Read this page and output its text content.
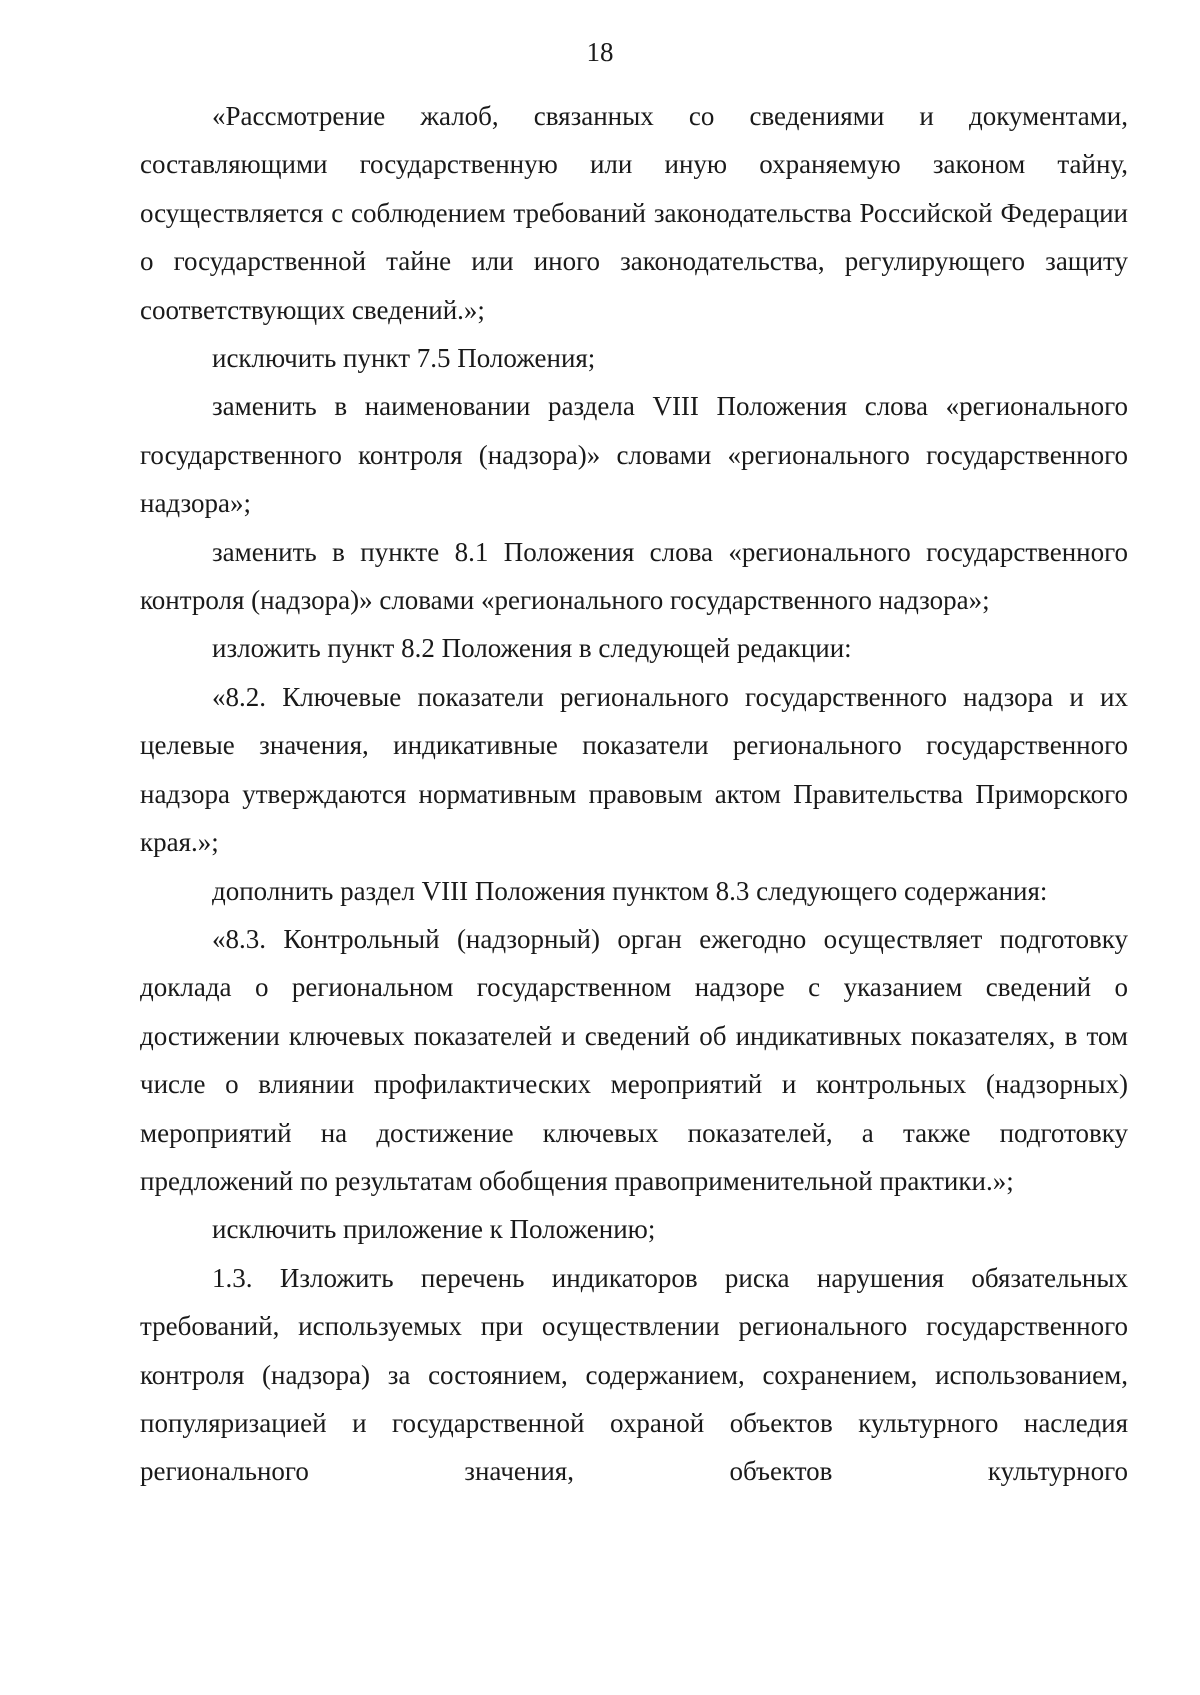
18

«Рассмотрение жалоб, связанных со сведениями и документами, составляющими государственную или иную охраняемую законом тайну, осуществляется с соблюдением требований законодательства Российской Федерации о государственной тайне или иного законодательства, регулирующего защиту соответствующих сведений.»;

исключить пункт 7.5 Положения;

заменить в наименовании раздела VIII Положения слова «регионального государственного контроля (надзора)» словами «регионального государственного надзора»;

заменить в пункте 8.1 Положения слова «регионального государственного контроля (надзора)» словами «регионального государственного надзора»;

изложить пункт 8.2 Положения в следующей редакции:

«8.2. Ключевые показатели регионального государственного надзора и их целевые значения, индикативные показатели регионального государственного надзора утверждаются нормативным правовым актом Правительства Приморского края.»;

дополнить раздел VIII Положения пунктом 8.3 следующего содержания:

«8.3. Контрольный (надзорный) орган ежегодно осуществляет подготовку доклада о региональном государственном надзоре с указанием сведений о достижении ключевых показателей и сведений об индикативных показателях, в том числе о влиянии профилактических мероприятий и контрольных (надзорных) мероприятий на достижение ключевых показателей, а также подготовку предложений по результатам обобщения правоприменительной практики.»;

исключить приложение к Положению;

1.3. Изложить перечень индикаторов риска нарушения обязательных требований, используемых при осуществлении регионального государственного контроля (надзора) за состоянием, содержанием, сохранением, использованием, популяризацией и государственной охраной объектов культурного наследия регионального значения, объектов культурного
